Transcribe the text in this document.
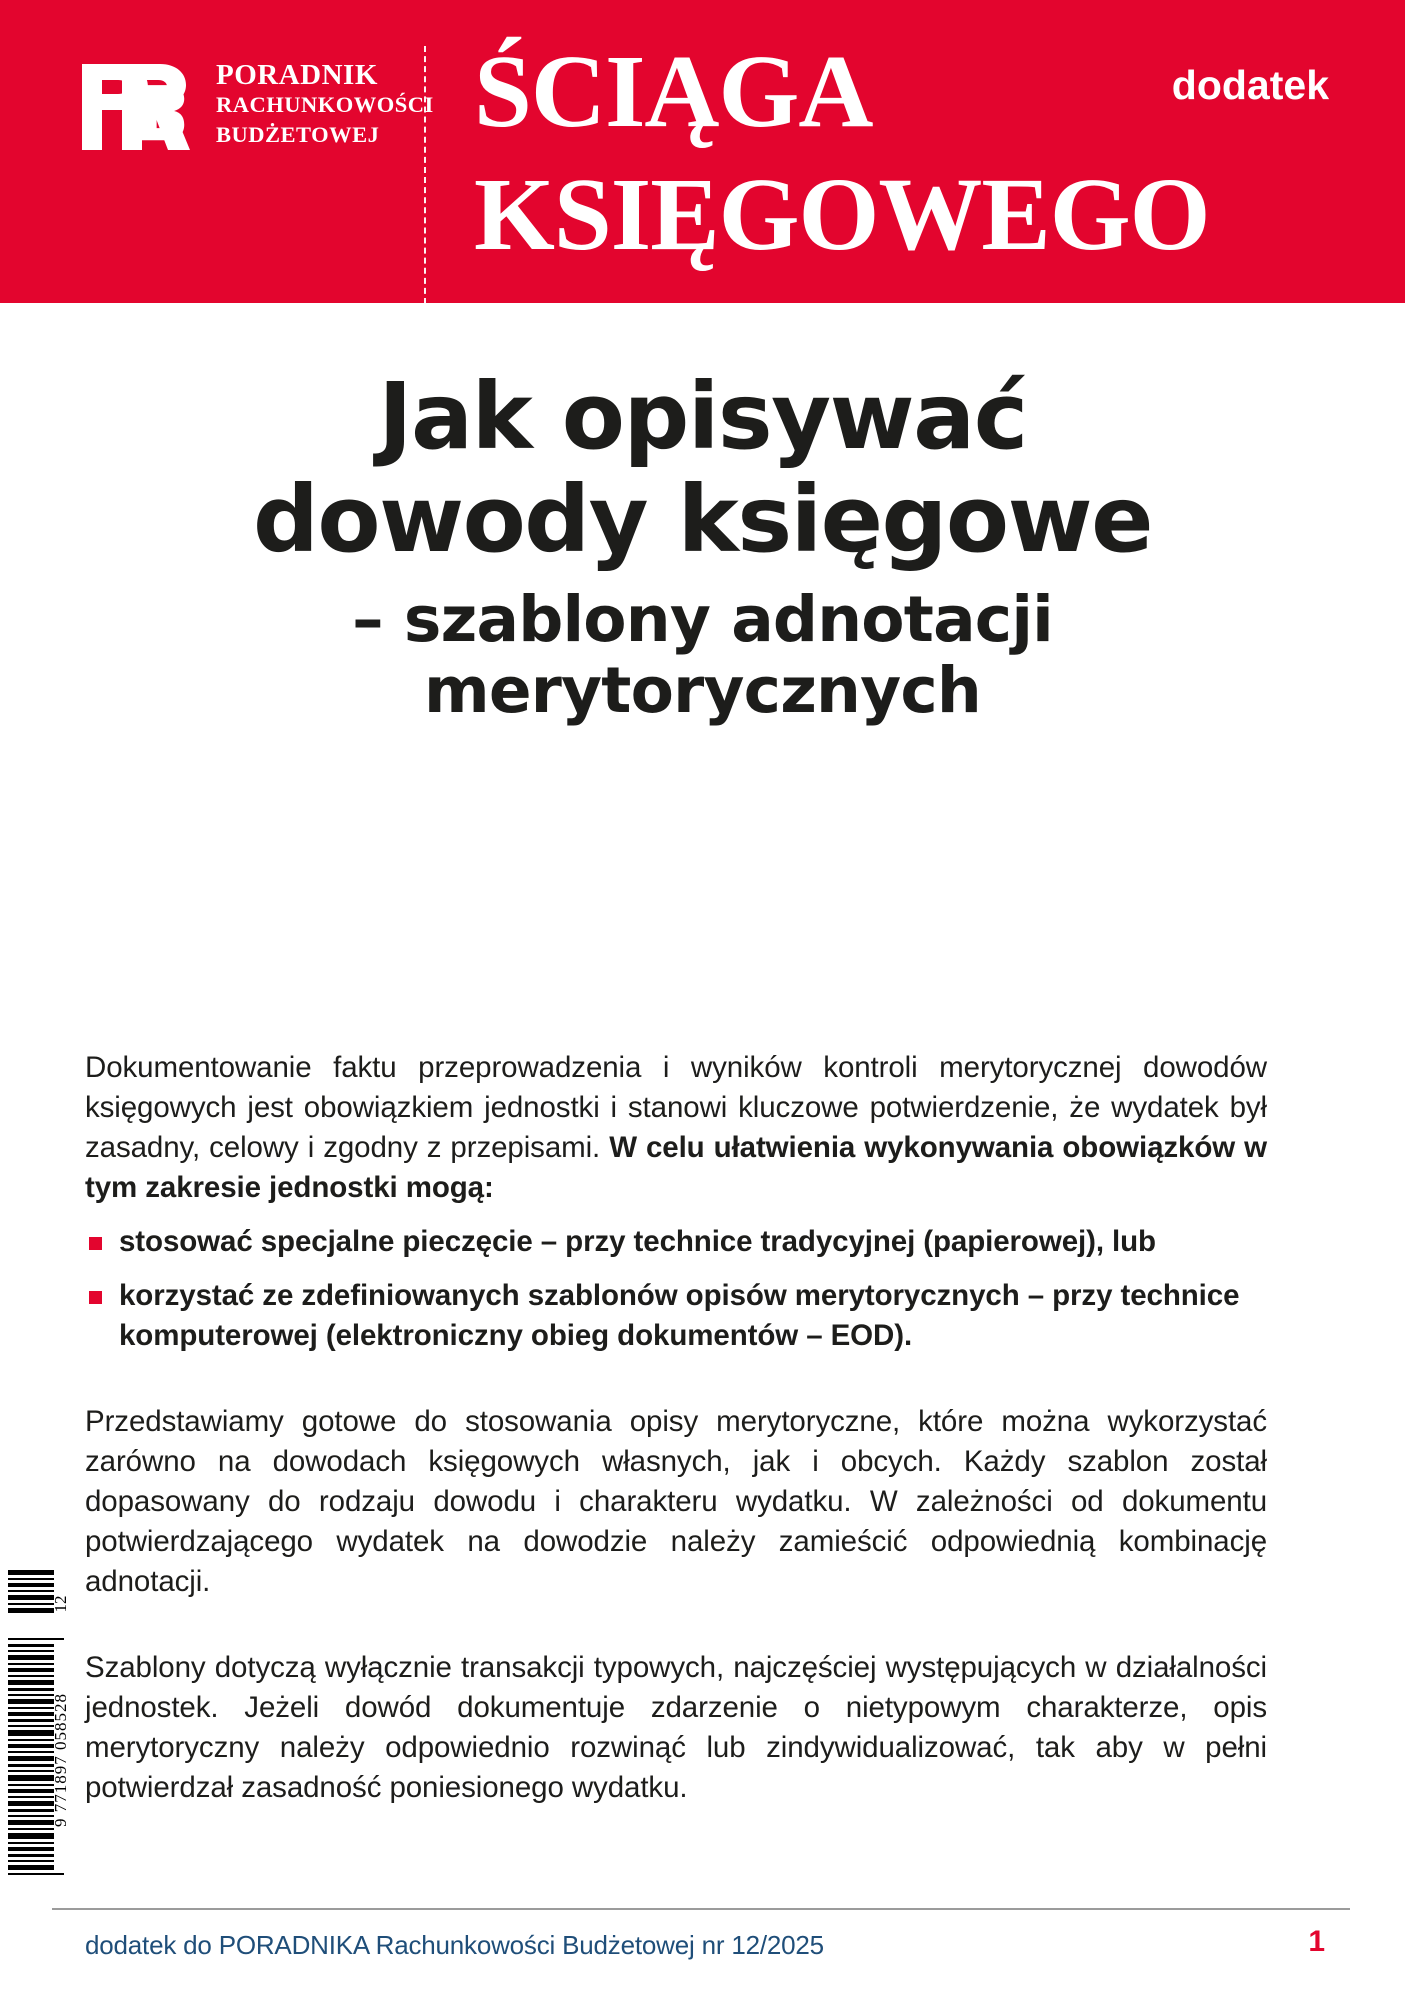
PORADNIK
RACHUNKOWOŚCI
BUDŻETOWEJ ŚCIĄGA
KSIĘGOWEGO
dodatek
Jak opisywać
dowody księgowe
– szablony adnotacji
merytorycznych

Dokumentowanie faktu przeprowadzenia i wyników kontroli merytorycznej dowodów księgowych jest obowiązkiem jednostki i stanowi kluczowe potwierdzenie, że wydatek był zasadny, celowy i zgodny z przepisami. W celu ułatwienia wykonywania obowiązków w tym zakresie jednostki mogą:

stosować specjalne pieczęcie – przy technice tradycyjnej (papierowej), lub
korzystać ze zdefiniowanych szablonów opisów merytorycznych – przy technice komputerowej (elektroniczny obieg dokumentów – EOD).

Przedstawiamy gotowe do stosowania opisy merytoryczne, które można wykorzystać zarówno na dowodach księgowych własnych, jak i obcych. Każdy szablon został dopasowany do rodzaju dowodu i charakteru wydatku. W zależności od dokumentu potwierdzającego wydatek na dowodzie należy zamieścić odpowiednią kombinację adnotacji.

Szablony dotyczą wyłącznie transakcji typowych, najczęściej występujących w działalności jednostek. Jeżeli dowód dokumentuje zdarzenie o nietypowym charakterze, opis merytoryczny należy odpowiednio rozwinąć lub zindywidualizować, tak aby w pełni potwierdzał zasadność poniesionego wydatku.

12
9 771897 058528
dodatek do PORADNIKA Rachunkowości Budżetowej nr 12/2025	1
